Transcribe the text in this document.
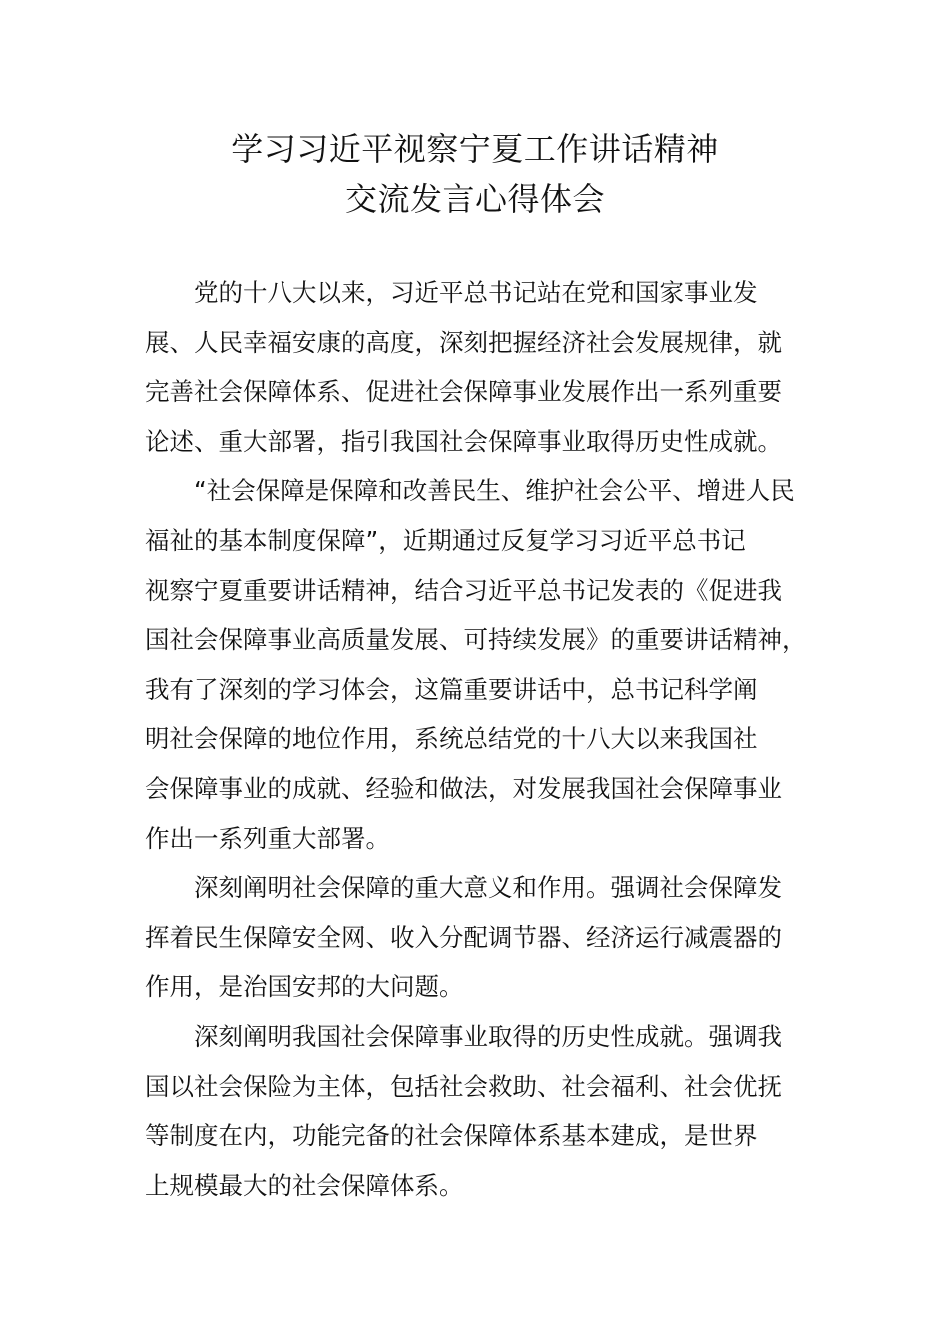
学习习近平视察宁夏工作讲话精神
交流发言心得体会
党的十八大以来，习近平总书记站在党和国家事业发
展、人民幸福安康的高度，深刻把握经济社会发展规律，就
完善社会保障体系、促进社会保障事业发展作出一系列重要
论述、重大部署，指引我国社会保障事业取得历史性成就。
“社会保障是保障和改善民生、维护社会公平、增进人民
福祉的基本制度保障”，近期通过反复学习习近平总书记
视察宁夏重要讲话精神，结合习近平总书记发表的《促进我
国社会保障事业高质量发展、可持续发展》的重要讲话精神，
我有了深刻的学习体会，这篇重要讲话中，总书记科学阐
明社会保障的地位作用，系统总结党的十八大以来我国社
会保障事业的成就、经验和做法，对发展我国社会保障事业
作出一系列重大部署。
深刻阐明社会保障的重大意义和作用。强调社会保障发
挥着民生保障安全网、收入分配调节器、经济运行减震器的
作用，是治国安邦的大问题。
深刻阐明我国社会保障事业取得的历史性成就。强调我
国以社会保险为主体，包括社会救助、社会福利、社会优抚
等制度在内，功能完备的社会保障体系基本建成，是世界
上规模最大的社会保障体系。
